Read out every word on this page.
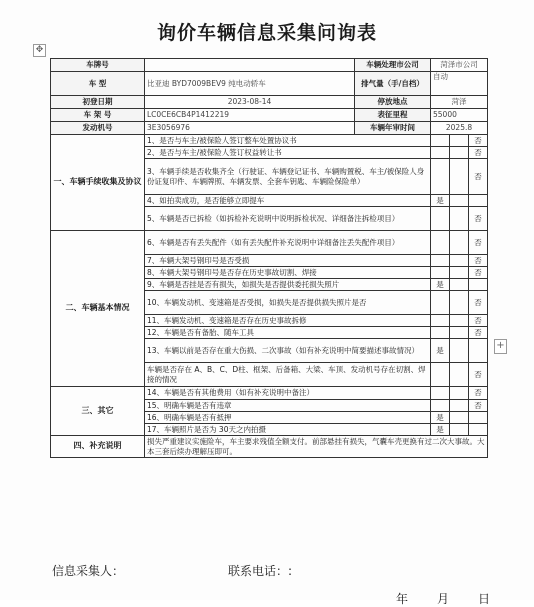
询价车辆信息采集问询表
✥
+
车牌号		车辆处理市公司	菏泽市公司		
车 型	比亚迪 BYD7009BEV9 纯电动轿车	排气量（手/自档）	自动		
初登日期	2023-08-14	停放地点	菏泽		
车 架 号	LC0CE6CB4P1412219	表征里程	55000		
发动机号	3E3056976	车辆年审时间	2025.8		
一、车辆手续收集及协议	1、是否与车主/被保险人签订整车处置协议书				否
	2、是否与车主/被保险人签订权益转让书				否
	3、车辆手续是否收集齐全（行驶证、车辆登记证书、车辆购置税、车主/被保险人身份证复印件、车辆牌照、车辆发票、全套车钥匙、车辆险保险单）				否
	4、如拍卖成功，是否能够立即提车		是		
	5、车辆是否已拆检（如拆检补充说明中说明拆检状况、详细备注拆检项目）				否
二、车辆基本情况	6、车辆是否有丢失配件（如有丢失配件补充说明中详细备注丢失配件项目）				否
	7、车辆大架号钢印号是否受损				否
	8、车辆大架号钢印号是否存在历史事故切割、焊接				否
	9、车辆是否挂是否有损失，如损失是否提供委托损失照片		是		
	10、车辆发动机、变速箱是否受损，如损失是否提供损失照片是否				否
	11、车辆发动机、变速箱是否存在历史事故拆修				否
	12、车辆是否有备胎、随车工具				否
	13、车辆以前是否存在重大伤损、二次事故（如有补充说明中简要描述事故情况）		是		
	车辆是否存在 A、B、C、D柱、框架、后备箱、大梁、车顶、发动机号存在切割、焊接的情况				否
三、其它	14、车辆是否有其他费用（如有补充说明中备注）				否
	15、明确车辆是否有违章				否
	16、明确车辆是否有抵押		是		
	17、车辆照片是否为 30天之内拍摄		是		
四、补充说明	损失严重建议实施险车，车主要求残值全额支付。前部悬挂有损失，气囊车壳更换有过二次大事故。大本三套后续办理解压即可。				
信息采集人：	联系电话：:
年 月 日
